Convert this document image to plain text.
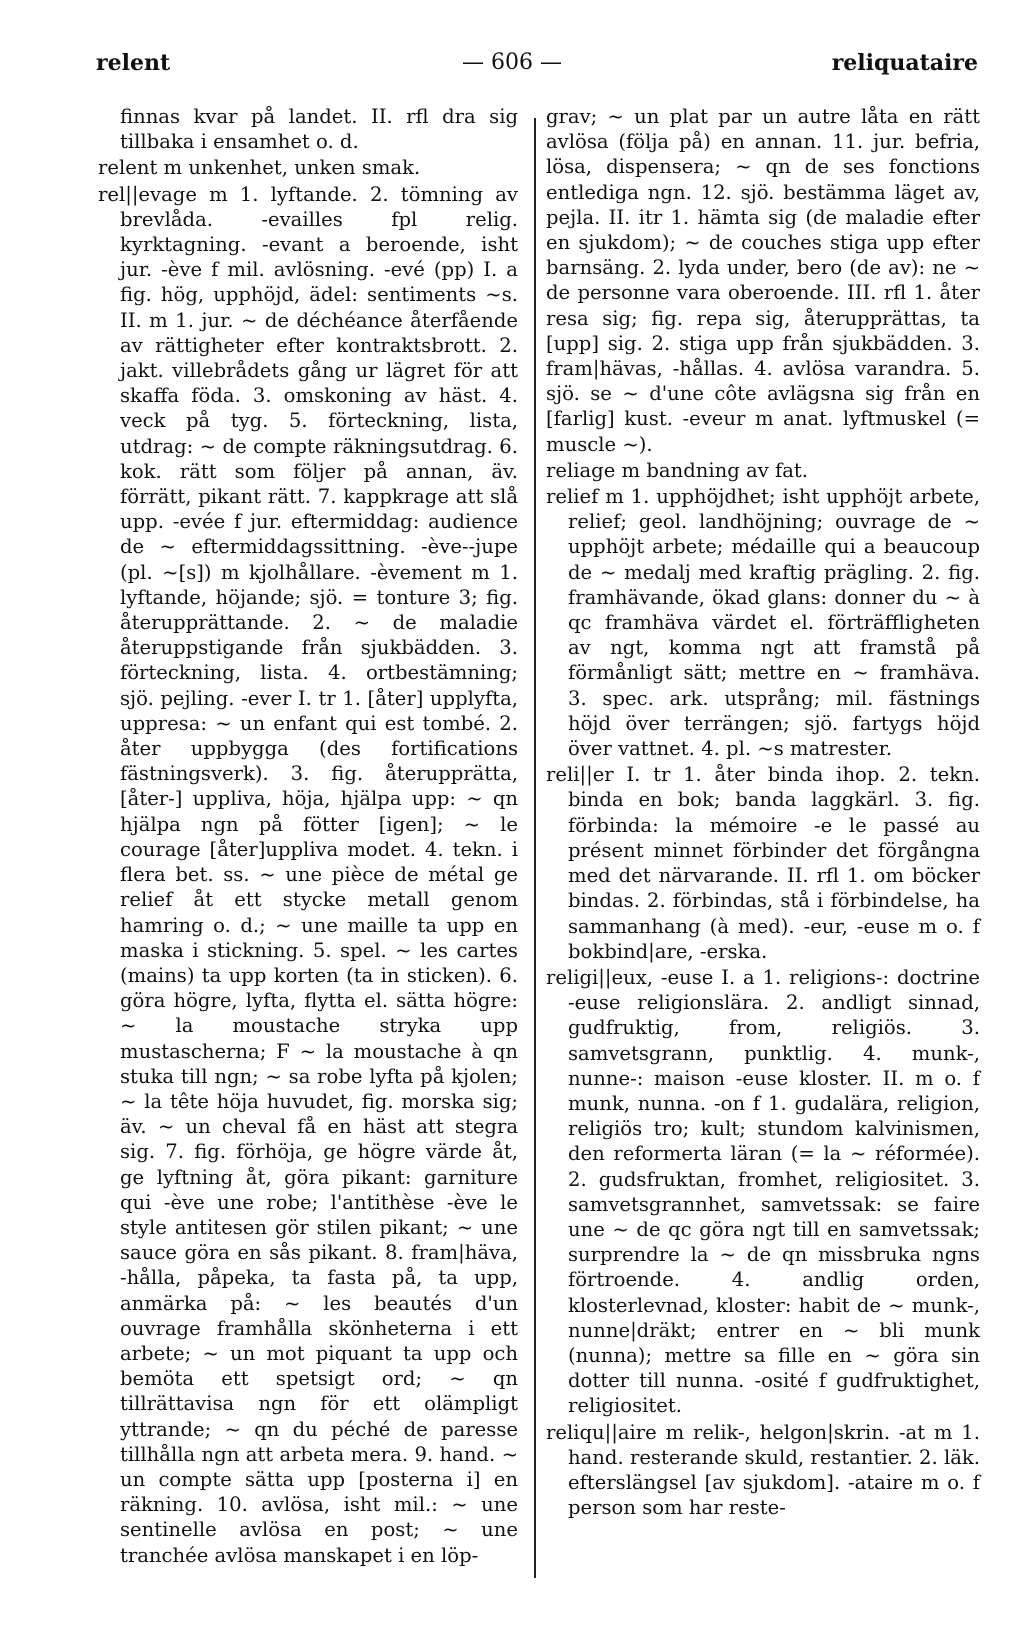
relent	— 606 —	reliquataire

finnas kvar på landet. II. rfl dra sig tillbaka i ensamhet o. d.

relent m unkenhet, unken smak.

rel||evage m 1. lyftande. 2. tömning av brevlåda. -evailles fpl relig. kyrktagning. -evant a beroende, isht jur. -ève f mil. avlösning. -evé (pp) I. a fig. hög, upphöjd, ädel: sentiments ~s. II. m 1. jur. ~ de déchéance återfående av rättigheter efter kontraktsbrott. 2. jakt. villebrådets gång ur lägret för att skaffa föda. 3. omskoning av häst. 4. veck på tyg. 5. förteckning, lista, utdrag: ~ de compte räkningsutdrag. 6. kok. rätt som följer på annan, äv. förrätt, pikant rätt. 7. kappkrage att slå upp. -evée f jur. eftermiddag: audience de ~ eftermiddagssittning. -ève--jupe (pl. ~[s]) m kjolhållare. -èvement m 1. lyftande, höjande; sjö. = tonture 3; fig. återupprättande. 2. ~ de maladie återuppstigande från sjukbädden. 3. förteckning, lista. 4. ortbestämning; sjö. pejling. -ever I. tr 1. [åter] upplyfta, uppresa: ~ un enfant qui est tombé. 2. åter uppbygga (des fortifications fästningsverk). 3. fig. återupprätta, [åter-] uppliva, höja, hjälpa upp: ~ qn hjälpa ngn på fötter [igen]; ~ le courage [åter]uppliva modet. 4. tekn. i flera bet. ss. ~ une pièce de métal ge relief åt ett stycke metall genom hamring o. d.; ~ une maille ta upp en maska i stickning. 5. spel. ~ les cartes (mains) ta upp korten (ta in sticken). 6. göra högre, lyfta, flytta el. sätta högre: ~ la moustache stryka upp mustascherna; F ~ la moustache à qn stuka till ngn; ~ sa robe lyfta på kjolen; ~ la tête höja huvudet, fig. morska sig; äv. ~ un cheval få en häst att stegra sig. 7. fig. förhöja, ge högre värde åt, ge lyftning åt, göra pikant: garniture qui -ève une robe; l'antithèse -ève le style antitesen gör stilen pikant; ~ une sauce göra en sås pikant. 8. fram|häva, -hålla, påpeka, ta fasta på, ta upp, anmärka på: ~ les beautés d'un ouvrage framhålla skönheterna i ett arbete; ~ un mot piquant ta upp och bemöta ett spetsigt ord; ~ qn tillrättavisa ngn för ett olämpligt yttrande; ~ qn du péché de paresse tillhålla ngn att arbeta mera. 9. hand. ~ un compte sätta upp [posterna i] en räkning. 10. avlösa, isht mil.: ~ une sentinelle avlösa en post; ~ une tranchée avlösa manskapet i en löp-

grav; ~ un plat par un autre låta en rätt avlösa (följa på) en annan. 11. jur. befria, lösa, dispensera; ~ qn de ses fonctions entlediga ngn. 12. sjö. bestämma läget av, pejla. II. itr 1. hämta sig (de maladie efter en sjukdom); ~ de couches stiga upp efter barnsäng. 2. lyda under, bero (de av): ne ~ de personne vara oberoende. III. rfl 1. åter resa sig; fig. repa sig, återupprättas, ta [upp] sig. 2. stiga upp från sjukbädden. 3. fram|hävas, -hållas. 4. avlösa varandra. 5. sjö. se ~ d'une côte avlägsna sig från en [farlig] kust. -eveur m anat. lyftmuskel (= muscle ~).

reliage m bandning av fat.

relief m 1. upphöjdhet; isht upphöjt arbete, relief; geol. landhöjning; ouvrage de ~ upphöjt arbete; médaille qui a beaucoup de ~ medalj med kraftig prägling. 2. fig. framhävande, ökad glans: donner du ~ à qc framhäva värdet el. förträffligheten av ngt, komma ngt att framstå på förmånligt sätt; mettre en ~ framhäva. 3. spec. ark. utsprång; mil. fästnings höjd över terrängen; sjö. fartygs höjd över vattnet. 4. pl. ~s matrester.

reli||er I. tr 1. åter binda ihop. 2. tekn. binda en bok; banda laggkärl. 3. fig. förbinda: la mémoire -e le passé au présent minnet förbinder det förgångna med det närvarande. II. rfl 1. om böcker bindas. 2. förbindas, stå i förbindelse, ha sammanhang (à med). -eur, -euse m o. f bokbind|are, -erska.

religi||eux, -euse I. a 1. religions-: doctrine -euse religionslära. 2. andligt sinnad, gudfruktig, from, religiös. 3. samvetsgrann, punktlig. 4. munk-, nunne-: maison -euse kloster. II. m o. f munk, nunna. -on f 1. gudalära, religion, religiös tro; kult; stundom kalvinismen, den reformerta läran (= la ~ réformée). 2. gudsfruktan, fromhet, religiositet. 3. samvetsgrannhet, samvetssak: se faire une ~ de qc göra ngt till en samvetssak; surprendre la ~ de qn missbruka ngns förtroende. 4. andlig orden, klosterlevnad, kloster: habit de ~ munk-, nunne|dräkt; entrer en ~ bli munk (nunna); mettre sa fille en ~ göra sin dotter till nunna. -osité f gudfruktighet, religiositet.

reliqu||aire m relik-, helgon|skrin. -at m 1. hand. resterande skuld, restantier. 2. läk. efterslängsel [av sjukdom]. -ataire m o. f person som har reste-
